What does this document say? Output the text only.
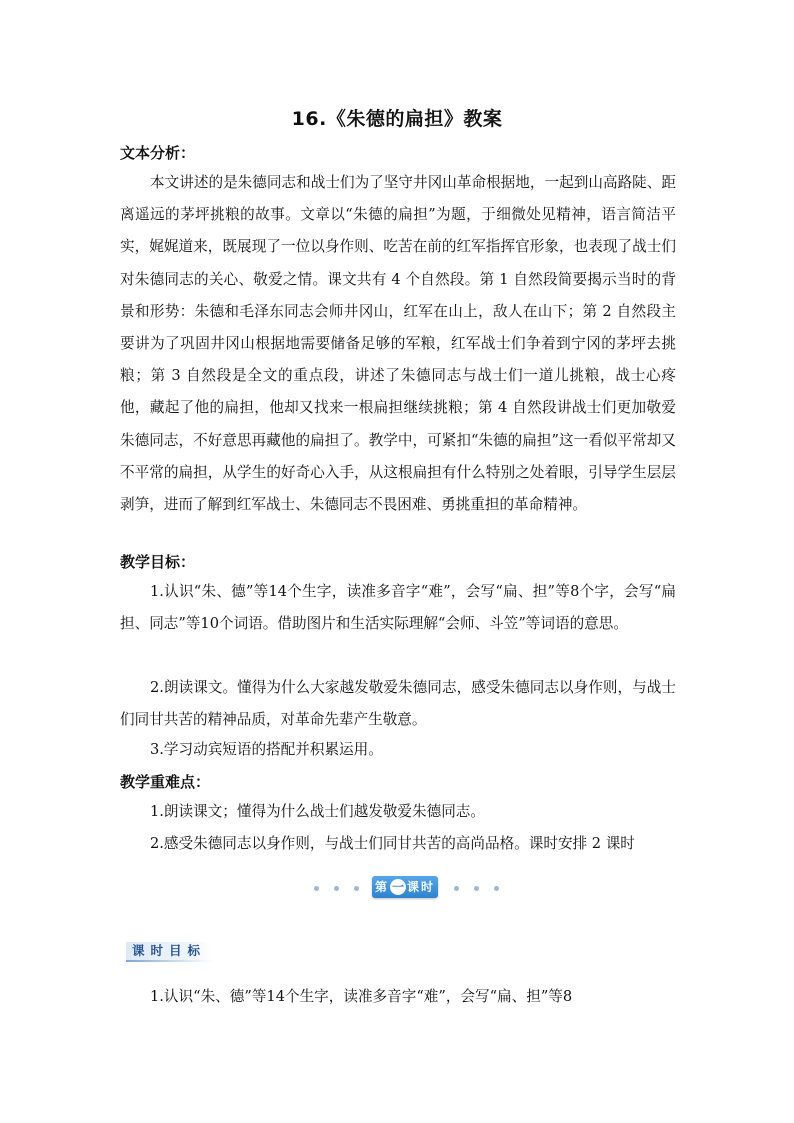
16.《朱德的扁担》教案
文本分析：
本文讲述的是朱德同志和战士们为了坚守井冈山革命根据地，一起到山高路陡、距离遥远的茅坪挑粮的故事。文章以“朱德的扁担”为题，于细微处见精神，语言简洁平实，娓娓道来，既展现了一位以身作则、吃苦在前的红军指挥官形象，也表现了战士们对朱德同志的关心、敬爱之情。课文共有 4 个自然段。第 1 自然段简要揭示当时的背景和形势：朱德和毛泽东同志会师井冈山，红军在山上，敌人在山下；第 2 自然段主要讲为了巩固井冈山根据地需要储备足够的军粮，红军战士们争着到宁冈的茅坪去挑粮；第 3 自然段是全文的重点段，讲述了朱德同志与战士们一道儿挑粮，战士心疼他，藏起了他的扁担，他却又找来一根扁担继续挑粮；第 4 自然段讲战士们更加敬爱朱德同志，不好意思再藏他的扁担了。教学中，可紧扣“朱德的扁担”这一看似平常却又不平常的扁担，从学生的好奇心入手，从这根扁担有什么特别之处着眼，引导学生层层剥笋，进而了解到红军战士、朱德同志不畏困难、勇挑重担的革命精神。
教学目标：
1.认识“朱、德”等14个生字，读准多音字“难”，会写“扁、担”等8个字，会写“扁担、同志”等10个词语。借助图片和生活实际理解“会师、斗笠”等词语的意思。
2.朗读课文。懂得为什么大家越发敬爱朱德同志，感受朱德同志以身作则，与战士们同甘共苦的精神品质，对革命先辈产生敬意。
3.学习动宾短语的搭配并积累运用。
教学重难点：
1.朗读课文；懂得为什么战士们越发敬爱朱德同志。
2.感受朱德同志以身作则，与战士们同甘共苦的高尚品格。课时安排 2 课时
第 一 课时
课时目标
1.认识“朱、德”等14个生字，读准多音字“难”，会写“扁、担”等8
